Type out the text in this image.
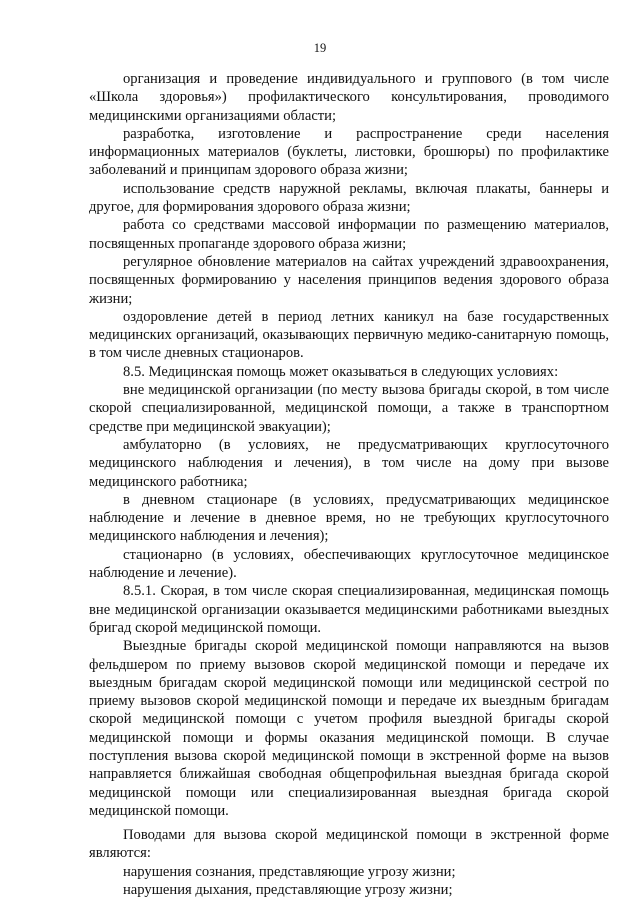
19

организация и проведение индивидуального и группового (в том числе «Школа здоровья») профилактического консультирования, проводимого медицинскими организациями области;

разработка, изготовление и распространение среди населения информационных материалов (буклеты, листовки, брошюры) по профилактике заболеваний и принципам здорового образа жизни;

использование средств наружной рекламы, включая плакаты, баннеры и другое, для формирования здорового образа жизни;

работа со средствами массовой информации по размещению материалов, посвященных пропаганде здорового образа жизни;

регулярное обновление материалов на сайтах учреждений здравоохранения, посвященных формированию у населения принципов ведения здорового образа жизни;

оздоровление детей в период летних каникул на базе государственных медицинских организаций, оказывающих первичную медико-санитарную помощь, в том числе дневных стационаров.

8.5. Медицинская помощь может оказываться в следующих условиях:

вне медицинской организации (по месту вызова бригады скорой, в том числе скорой специализированной, медицинской помощи, а также в транспортном средстве при медицинской эвакуации);

амбулаторно (в условиях, не предусматривающих круглосуточного медицинского наблюдения и лечения), в том числе на дому при вызове медицинского работника;

в дневном стационаре (в условиях, предусматривающих медицинское наблюдение и лечение в дневное время, но не требующих круглосуточного медицинского наблюдения и лечения);

стационарно (в условиях, обеспечивающих круглосуточное медицинское наблюдение и лечение).

8.5.1. Скорая, в том числе скорая специализированная, медицинская помощь вне медицинской организации оказывается медицинскими работниками выездных бригад скорой медицинской помощи.

Выездные бригады скорой медицинской помощи направляются на вызов фельдшером по приему вызовов скорой медицинской помощи и передаче их выездным бригадам скорой медицинской помощи или медицинской сестрой по приему вызовов скорой медицинской помощи и передаче их выездным бригадам скорой медицинской помощи с учетом профиля выездной бригады скорой медицинской помощи и формы оказания медицинской помощи. В случае поступления вызова скорой медицинской помощи в экстренной форме на вызов направляется ближайшая свободная общепрофильная выездная бригада скорой медицинской помощи или специализированная выездная бригада скорой медицинской помощи.

Поводами для вызова скорой медицинской помощи в экстренной форме являются:

нарушения сознания, представляющие угрозу жизни;

нарушения дыхания, представляющие угрозу жизни;
